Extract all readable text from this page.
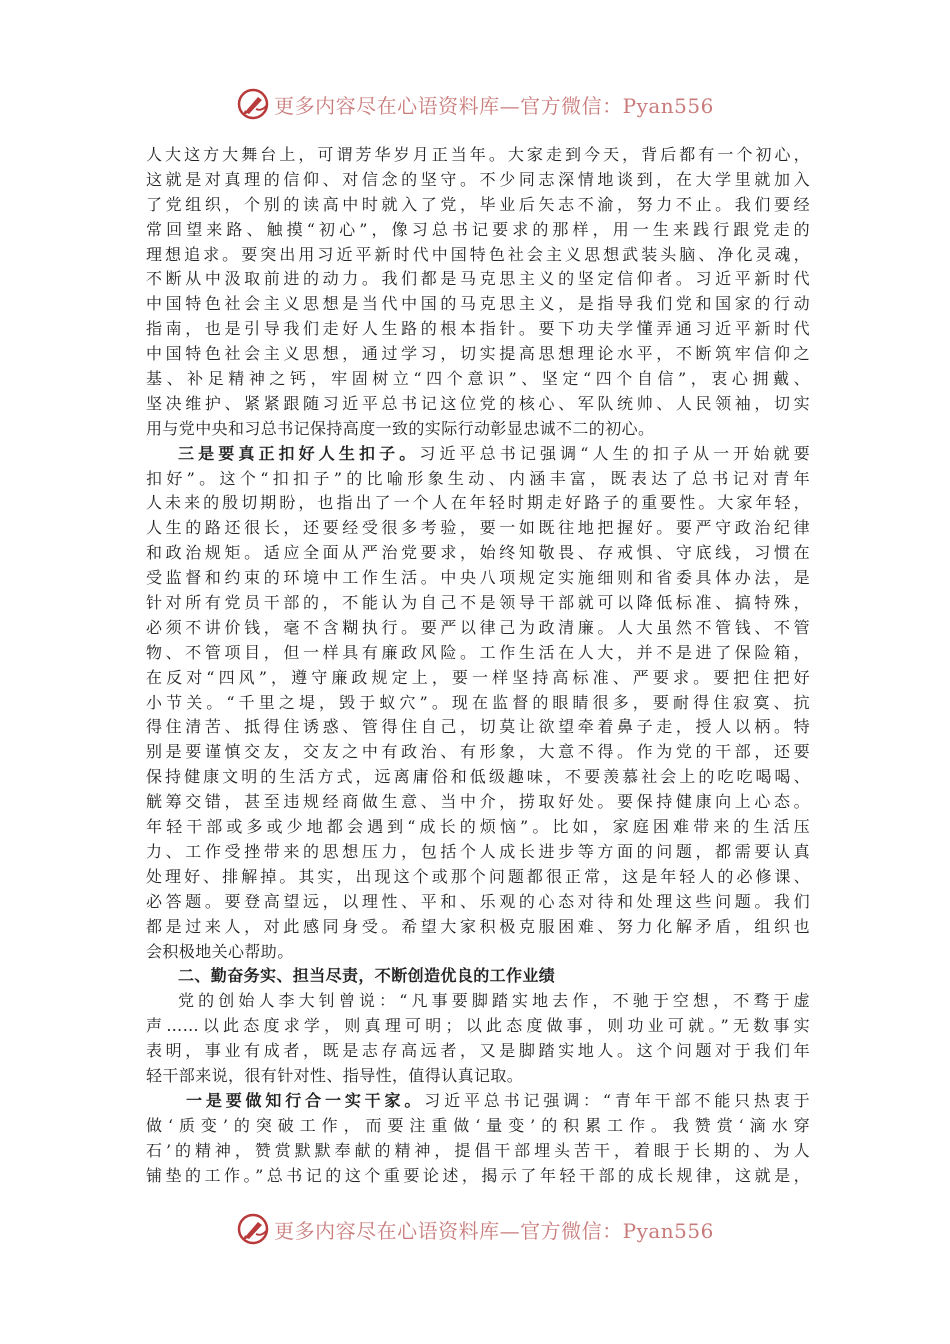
更多内容尽在心语资料库—官方微信：Pyan556
人大这方大舞台上，可谓芳华岁月正当年。大家走到今天，背后都有一个初心，
这就是对真理的信仰、对信念的坚守。不少同志深情地谈到，在大学里就加入
了党组织，个别的读高中时就入了党，毕业后矢志不渝，努力不止。我们要经
常回望来路、触摸“初心”，像习总书记要求的那样，用一生来践行跟党走的
理想追求。要突出用习近平新时代中国特色社会主义思想武装头脑、净化灵魂，
不断从中汲取前进的动力。我们都是马克思主义的坚定信仰者。习近平新时代
中国特色社会主义思想是当代中国的马克思主义，是指导我们党和国家的行动
指南，也是引导我们走好人生路的根本指针。要下功夫学懂弄通习近平新时代
中国特色社会主义思想，通过学习，切实提高思想理论水平，不断筑牢信仰之
基、补足精神之钙，牢固树立“四个意识”、坚定“四个自信”，衷心拥戴、
坚决维护、紧紧跟随习近平总书记这位党的核心、军队统帅、人民领袖，切实
用与党中央和习总书记保持高度一致的实际行动彰显忠诚不二的初心。
三是要真正扣好人生扣子。习近平总书记强调“人生的扣子从一开始就要
扣好”。这个“扣扣子”的比喻形象生动、内涵丰富，既表达了总书记对青年
人未来的殷切期盼，也指出了一个人在年轻时期走好路子的重要性。大家年轻，
人生的路还很长，还要经受很多考验，要一如既往地把握好。要严守政治纪律
和政治规矩。适应全面从严治党要求，始终知敬畏、存戒惧、守底线，习惯在
受监督和约束的环境中工作生活。中央八项规定实施细则和省委具体办法，是
针对所有党员干部的，不能认为自己不是领导干部就可以降低标准、搞特殊，
必须不讲价钱，毫不含糊执行。要严以律己为政清廉。人大虽然不管钱、不管
物、不管项目，但一样具有廉政风险。工作生活在人大，并不是进了保险箱，
在反对“四风”，遵守廉政规定上，要一样坚持高标准、严要求。要把住把好
小节关。“千里之堤，毁于蚁穴”。现在监督的眼睛很多，要耐得住寂寞、抗
得住清苦、抵得住诱惑、管得住自己，切莫让欲望牵着鼻子走，授人以柄。特
别是要谨慎交友，交友之中有政治、有形象，大意不得。作为党的干部，还要
保持健康文明的生活方式，远离庸俗和低级趣味，不要羡慕社会上的吃吃喝喝、
觥筹交错，甚至违规经商做生意、当中介，捞取好处。要保持健康向上心态。
年轻干部或多或少地都会遇到“成长的烦恼”。比如，家庭困难带来的生活压
力、工作受挫带来的思想压力，包括个人成长进步等方面的问题，都需要认真
处理好、排解掉。其实，出现这个或那个问题都很正常，这是年轻人的必修课、
必答题。要登高望远，以理性、平和、乐观的心态对待和处理这些问题。我们
都是过来人，对此感同身受。希望大家积极克服困难、努力化解矛盾，组织也
会积极地关心帮助。
二、勤奋务实、担当尽责，不断创造优良的工作业绩
党的创始人李大钊曾说：“凡事要脚踏实地去作，不驰于空想，不骛于虚
声……以此态度求学，则真理可明；以此态度做事，则功业可就。”无数事实
表明，事业有成者，既是志存高远者，又是脚踏实地人。这个问题对于我们年
轻干部来说，很有针对性、指导性，值得认真记取。
一是要做知行合一实干家。习近平总书记强调：“青年干部不能只热衷于
做‘质变’的突破工作，而要注重做‘量变’的积累工作。我赞赏‘滴水穿
石’的精神，赞赏默默奉献的精神，提倡干部埋头苦干，着眼于长期的、为人
铺垫的工作。”总书记的这个重要论述，揭示了年轻干部的成长规律，这就是，
更多内容尽在心语资料库—官方微信：Pyan556
